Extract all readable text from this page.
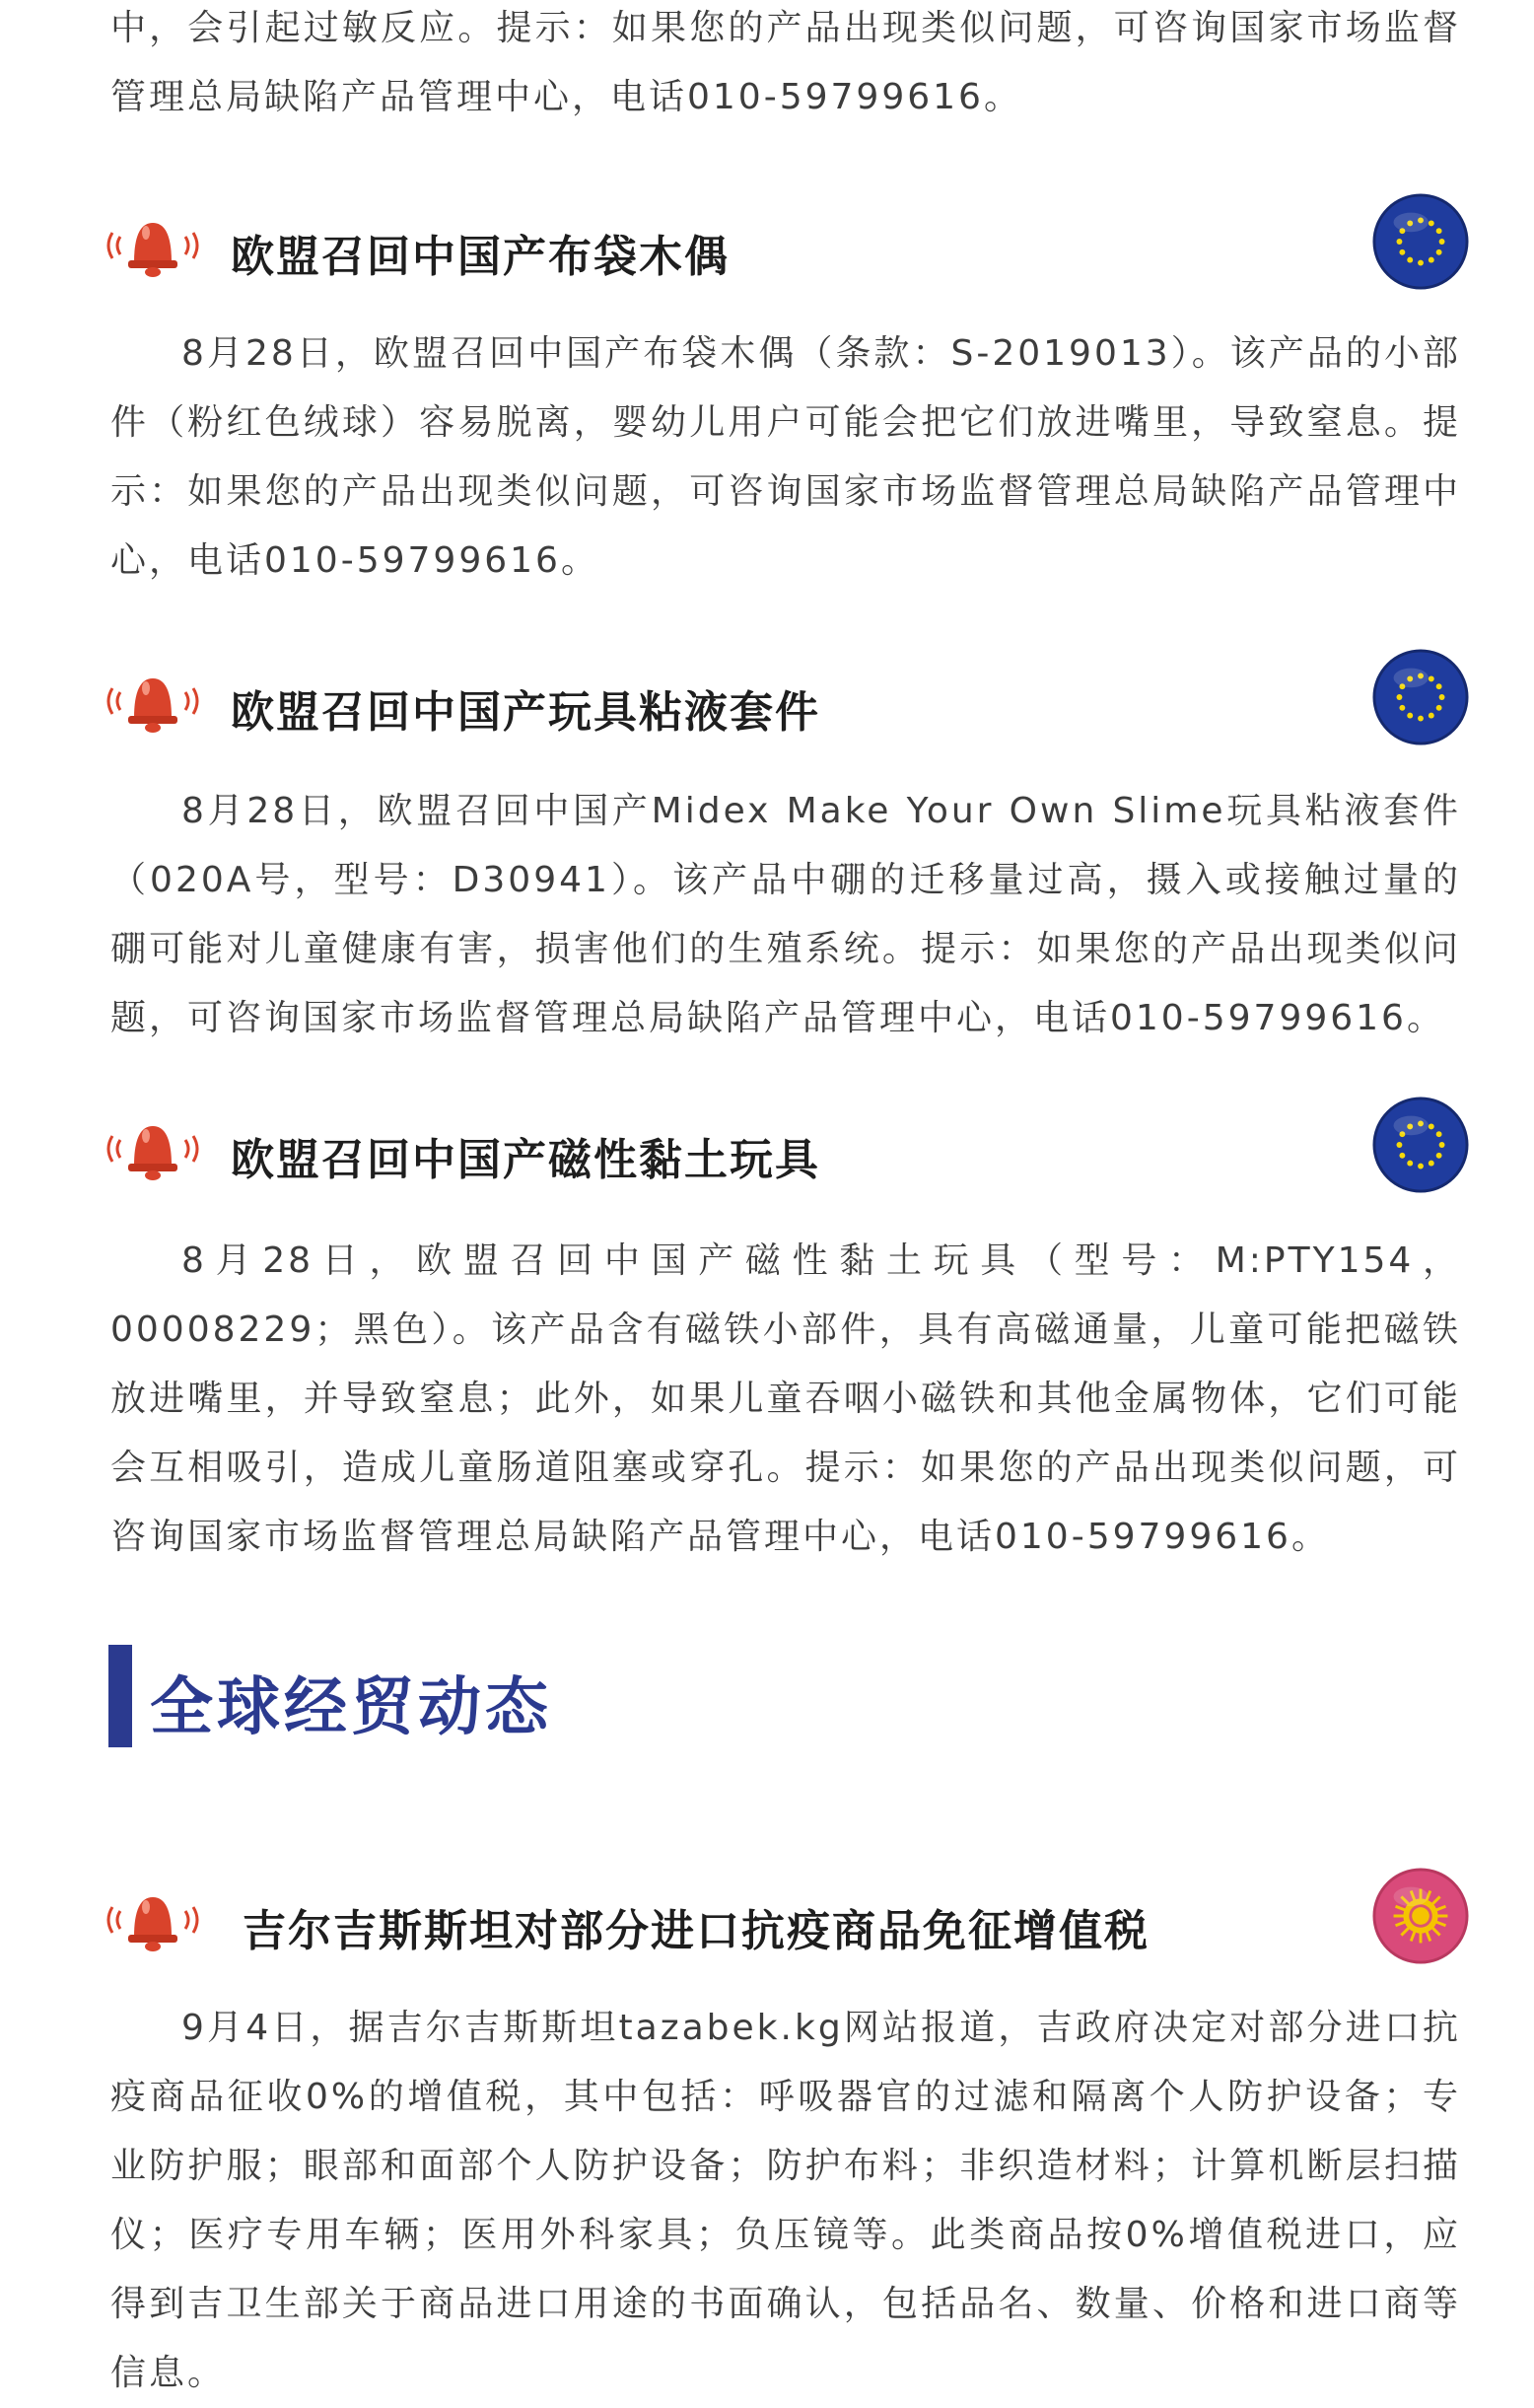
中，会引起过敏反应。提示：如果您的产品出现类似问题，可咨询国家市场监督管理总局缺陷产品管理中心，电话010-59799616。

欧盟召回中国产布袋木偶

8月28日，欧盟召回中国产布袋木偶（条款：S-2019013）。该产品的小部件（粉红色绒球）容易脱离，婴幼儿用户可能会把它们放进嘴里，导致窒息。提示：如果您的产品出现类似问题，可咨询国家市场监督管理总局缺陷产品管理中心，电话010-59799616。

欧盟召回中国产玩具粘液套件

8月28日，欧盟召回中国产Midex Make Your Own Slime玩具粘液套件（020A号，型号：D30941）。该产品中硼的迁移量过高，摄入或接触过量的硼可能对儿童健康有害，损害他们的生殖系统。提示：如果您的产品出现类似问题，可咨询国家市场监督管理总局缺陷产品管理中心，电话010-59799616。

欧盟召回中国产磁性黏土玩具

8月28日，欧盟召回中国产磁性黏土玩具（型号：M:PTY154，00008229；黑色）。该产品含有磁铁小部件，具有高磁通量，儿童可能把磁铁放进嘴里，并导致窒息；此外，如果儿童吞咽小磁铁和其他金属物体，它们可能会互相吸引，造成儿童肠道阻塞或穿孔。提示：如果您的产品出现类似问题，可咨询国家市场监督管理总局缺陷产品管理中心，电话010-59799616。

全球经贸动态
吉尔吉斯斯坦对部分进口抗疫商品免征增值税

9月4日，据吉尔吉斯斯坦tazabek.kg网站报道，吉政府决定对部分进口抗疫商品征收0%的增值税，其中包括：呼吸器官的过滤和隔离个人防护设备；专业防护服；眼部和面部个人防护设备；防护布料；非织造材料；计算机断层扫描仪；医疗专用车辆；医用外科家具；负压镜等。此类商品按0%增值税进口，应得到吉卫生部关于商品进口用途的书面确认，包括品名、数量、价格和进口商等信息。
